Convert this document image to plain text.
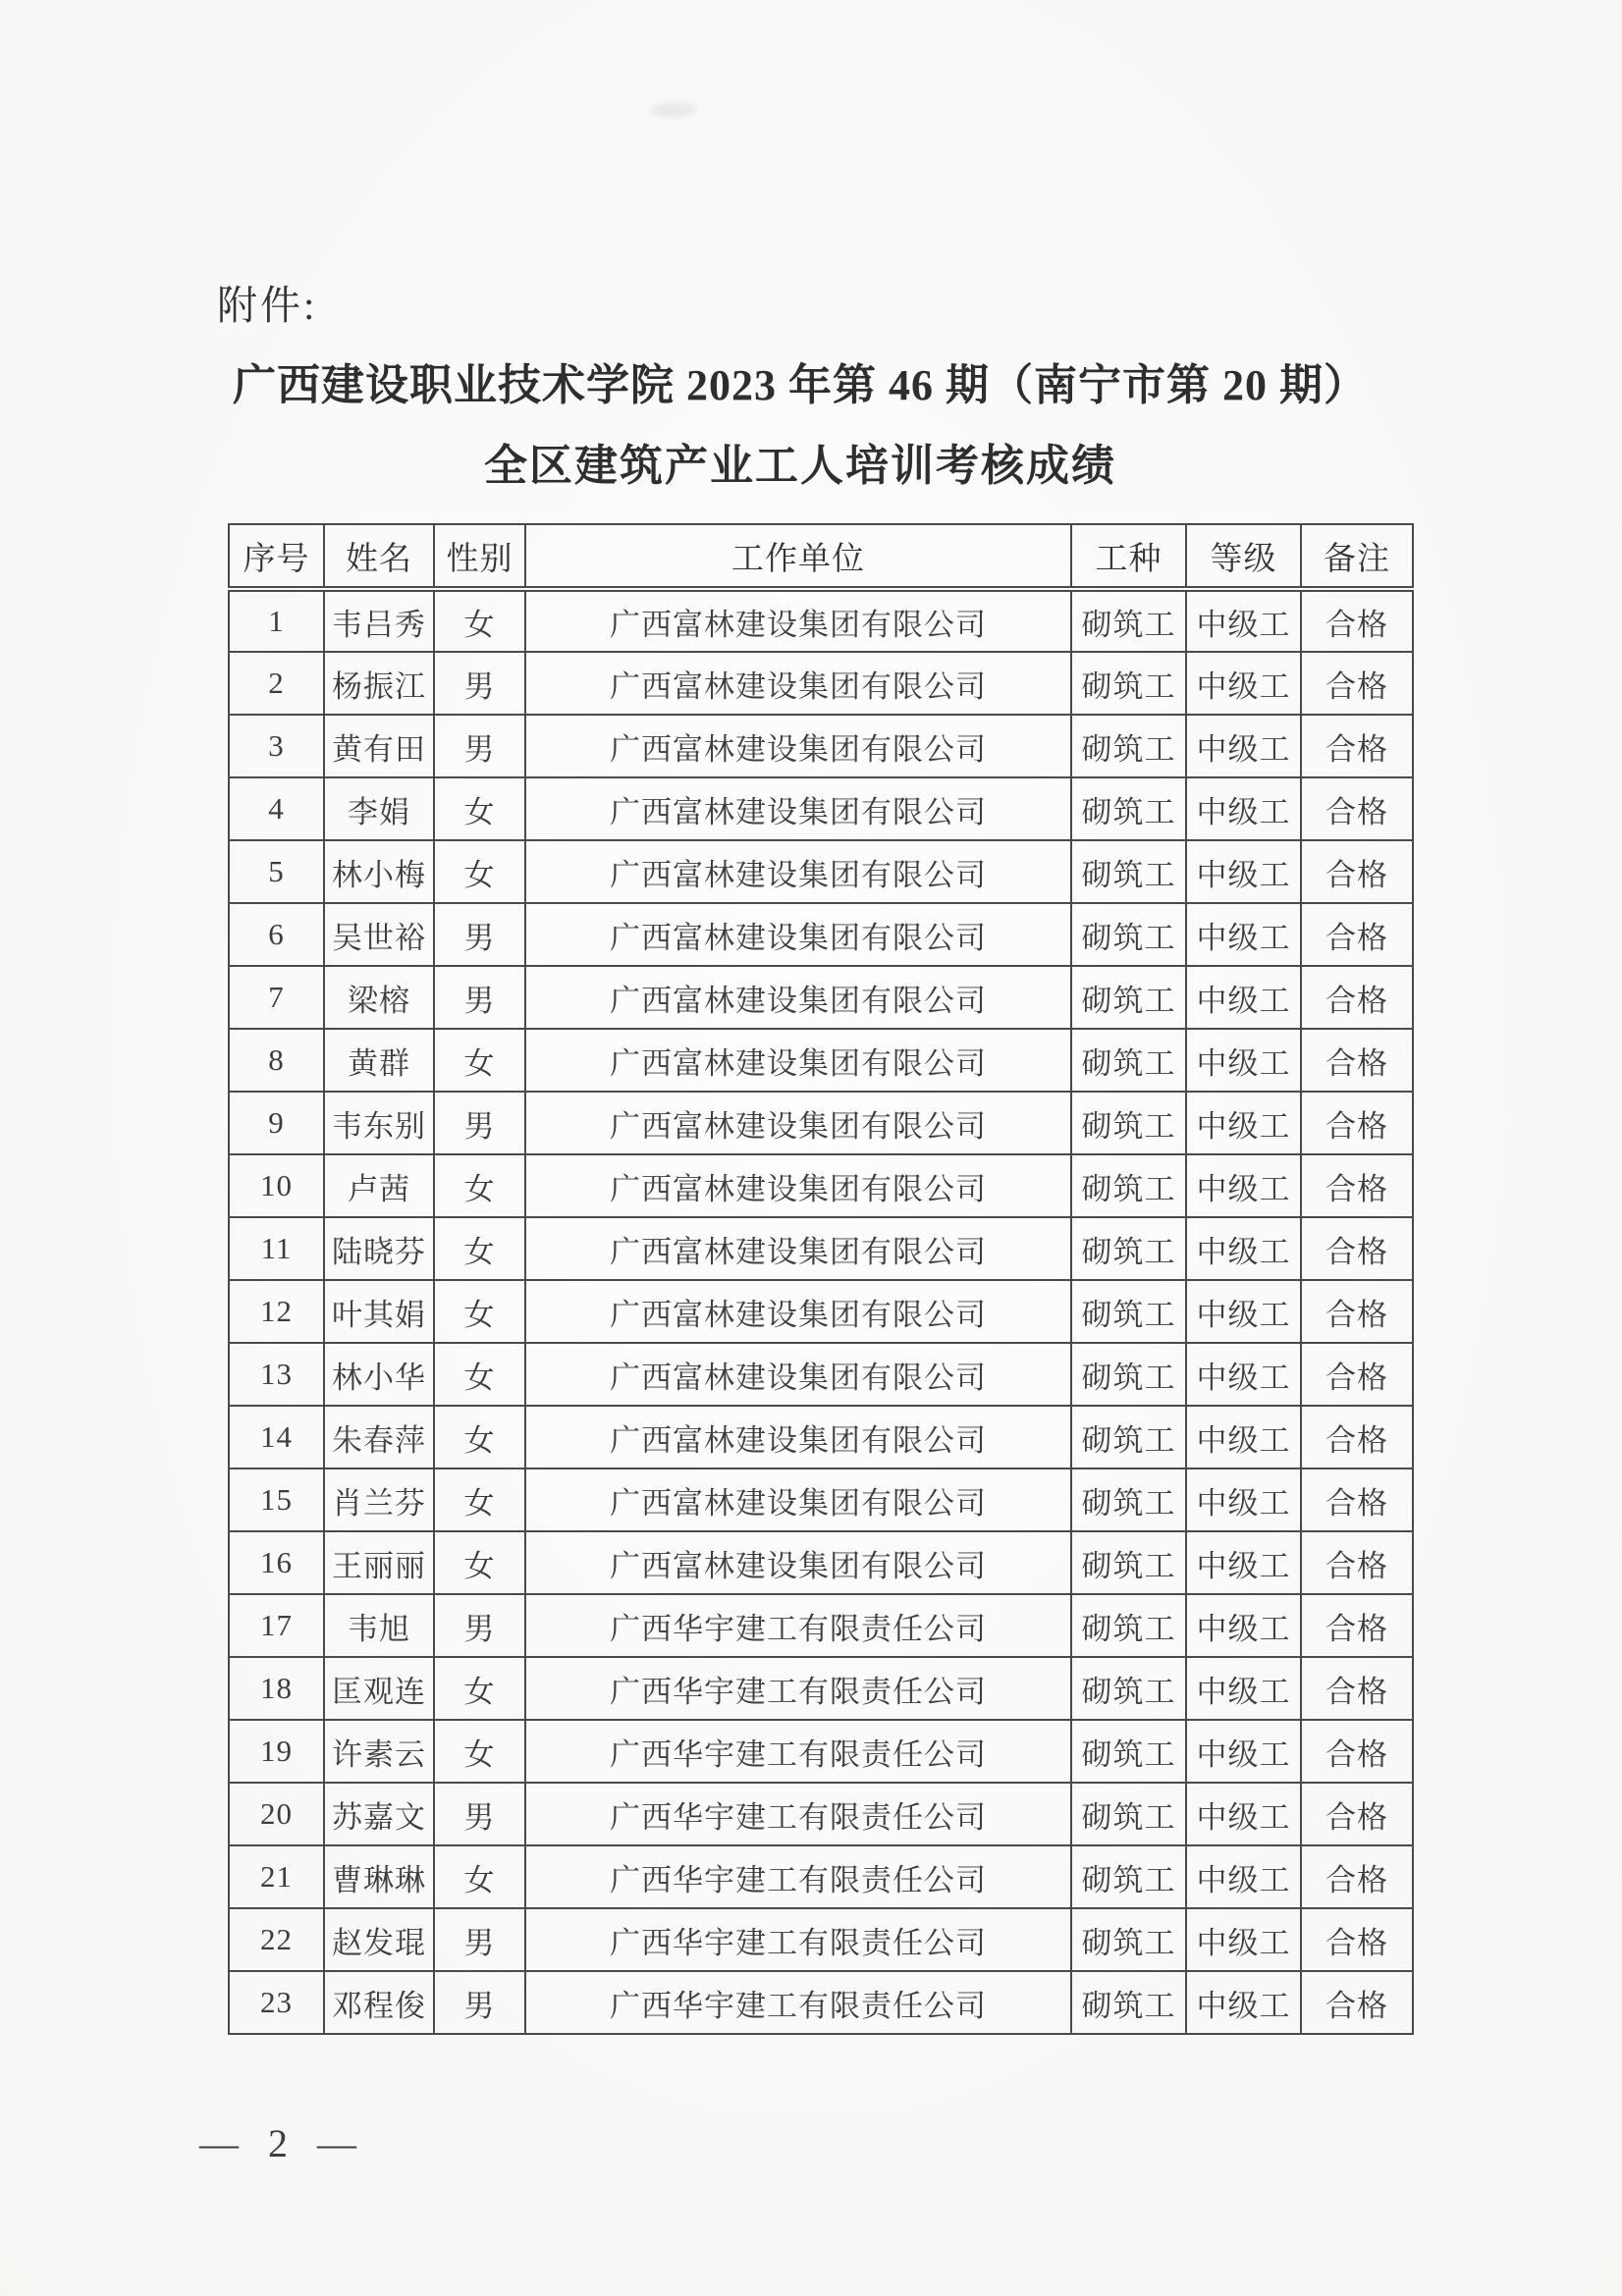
附件:
广西建设职业技术学院 2023 年第 46 期（南宁市第 20 期）
全区建筑产业工人培训考核成绩
序号	姓名	性别	工作单位	工种	等级	备注
1	韦吕秀	女	广西富林建设集团有限公司	砌筑工	中级工	合格
2	杨振江	男	广西富林建设集团有限公司	砌筑工	中级工	合格
3	黄有田	男	广西富林建设集团有限公司	砌筑工	中级工	合格
4	李娟	女	广西富林建设集团有限公司	砌筑工	中级工	合格
5	林小梅	女	广西富林建设集团有限公司	砌筑工	中级工	合格
6	吴世裕	男	广西富林建设集团有限公司	砌筑工	中级工	合格
7	梁榕	男	广西富林建设集团有限公司	砌筑工	中级工	合格
8	黄群	女	广西富林建设集团有限公司	砌筑工	中级工	合格
9	韦东别	男	广西富林建设集团有限公司	砌筑工	中级工	合格
10	卢茜	女	广西富林建设集团有限公司	砌筑工	中级工	合格
11	陆晓芬	女	广西富林建设集团有限公司	砌筑工	中级工	合格
12	叶其娟	女	广西富林建设集团有限公司	砌筑工	中级工	合格
13	林小华	女	广西富林建设集团有限公司	砌筑工	中级工	合格
14	朱春萍	女	广西富林建设集团有限公司	砌筑工	中级工	合格
15	肖兰芬	女	广西富林建设集团有限公司	砌筑工	中级工	合格
16	王丽丽	女	广西富林建设集团有限公司	砌筑工	中级工	合格
17	韦旭	男	广西华宇建工有限责任公司	砌筑工	中级工	合格
18	匡观连	女	广西华宇建工有限责任公司	砌筑工	中级工	合格
19	许素云	女	广西华宇建工有限责任公司	砌筑工	中级工	合格
20	苏嘉文	男	广西华宇建工有限责任公司	砌筑工	中级工	合格
21	曹琳琳	女	广西华宇建工有限责任公司	砌筑工	中级工	合格
22	赵发琨	男	广西华宇建工有限责任公司	砌筑工	中级工	合格
23	邓程俊	男	广西华宇建工有限责任公司	砌筑工	中级工	合格
— 2 —
